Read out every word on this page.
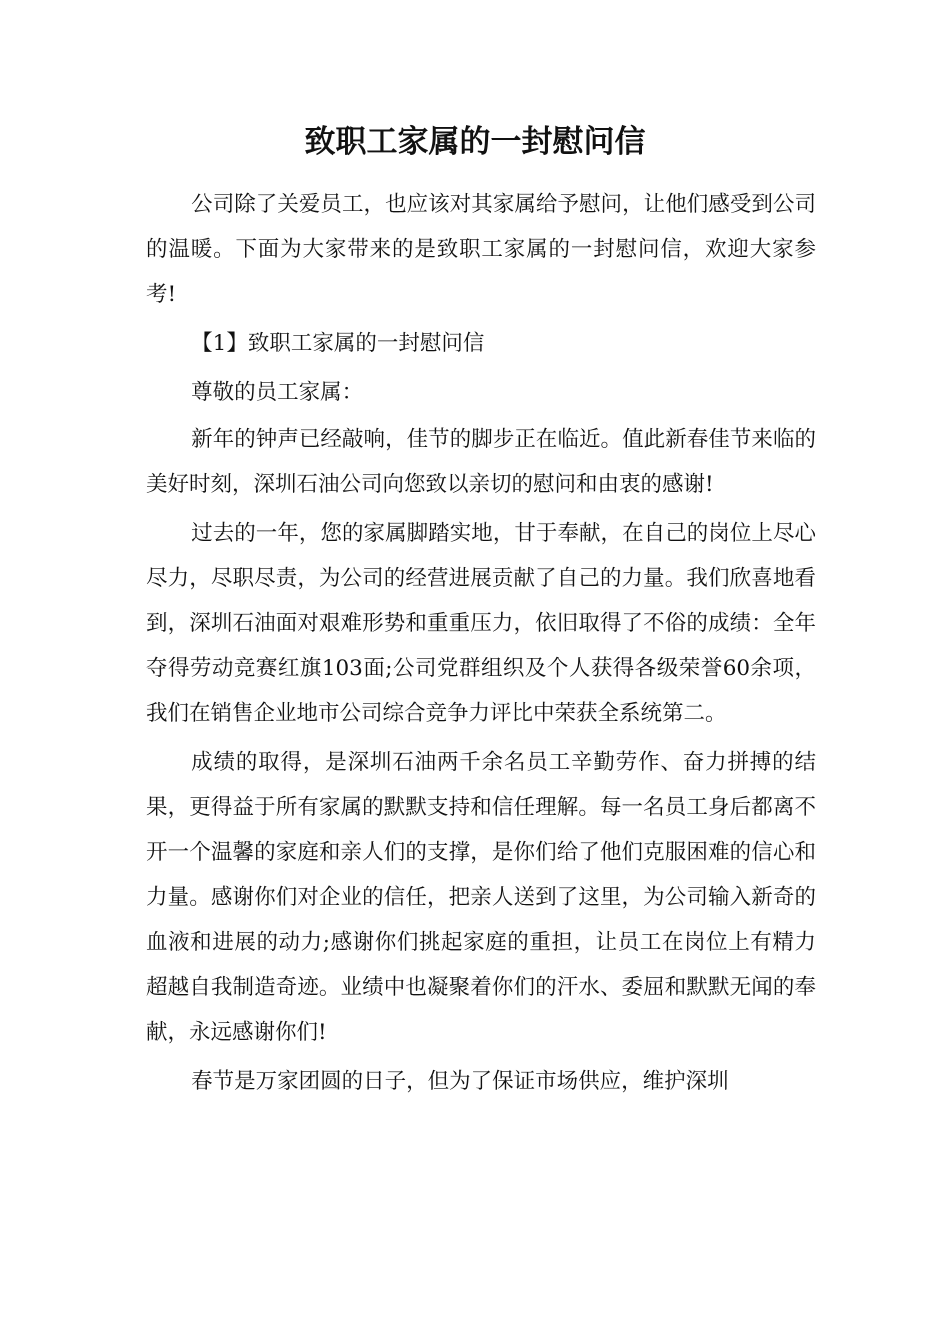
致职工家属的一封慰问信

公司除了关爱员工，也应该对其家属给予慰问，让他们感受到公司的温暖。下面为大家带来的是致职工家属的一封慰问信，欢迎大家参考!

【1】致职工家属的一封慰问信

尊敬的员工家属：

新年的钟声已经敲响，佳节的脚步正在临近。值此新春佳节来临的美好时刻，深圳石油公司向您致以亲切的慰问和由衷的感谢!

过去的一年，您的家属脚踏实地，甘于奉献，在自己的岗位上尽心尽力，尽职尽责，为公司的经营进展贡献了自己的力量。我们欣喜地看到，深圳石油面对艰难形势和重重压力，依旧取得了不俗的成绩：全年夺得劳动竞赛红旗103面;公司党群组织及个人获得各级荣誉60余项，我们在销售企业地市公司综合竞争力评比中荣获全系统第二。

成绩的取得，是深圳石油两千余名员工辛勤劳作、奋力拼搏的结果，更得益于所有家属的默默支持和信任理解。每一名员工身后都离不开一个温馨的家庭和亲人们的支撑，是你们给了他们克服困难的信心和力量。感谢你们对企业的信任，把亲人送到了这里，为公司输入新奇的血液和进展的动力;感谢你们挑起家庭的重担，让员工在岗位上有精力超越自我制造奇迹。业绩中也凝聚着你们的汗水、委屈和默默无闻的奉献，永远感谢你们!

春节是万家团圆的日子，但为了保证市场供应，维护深圳
